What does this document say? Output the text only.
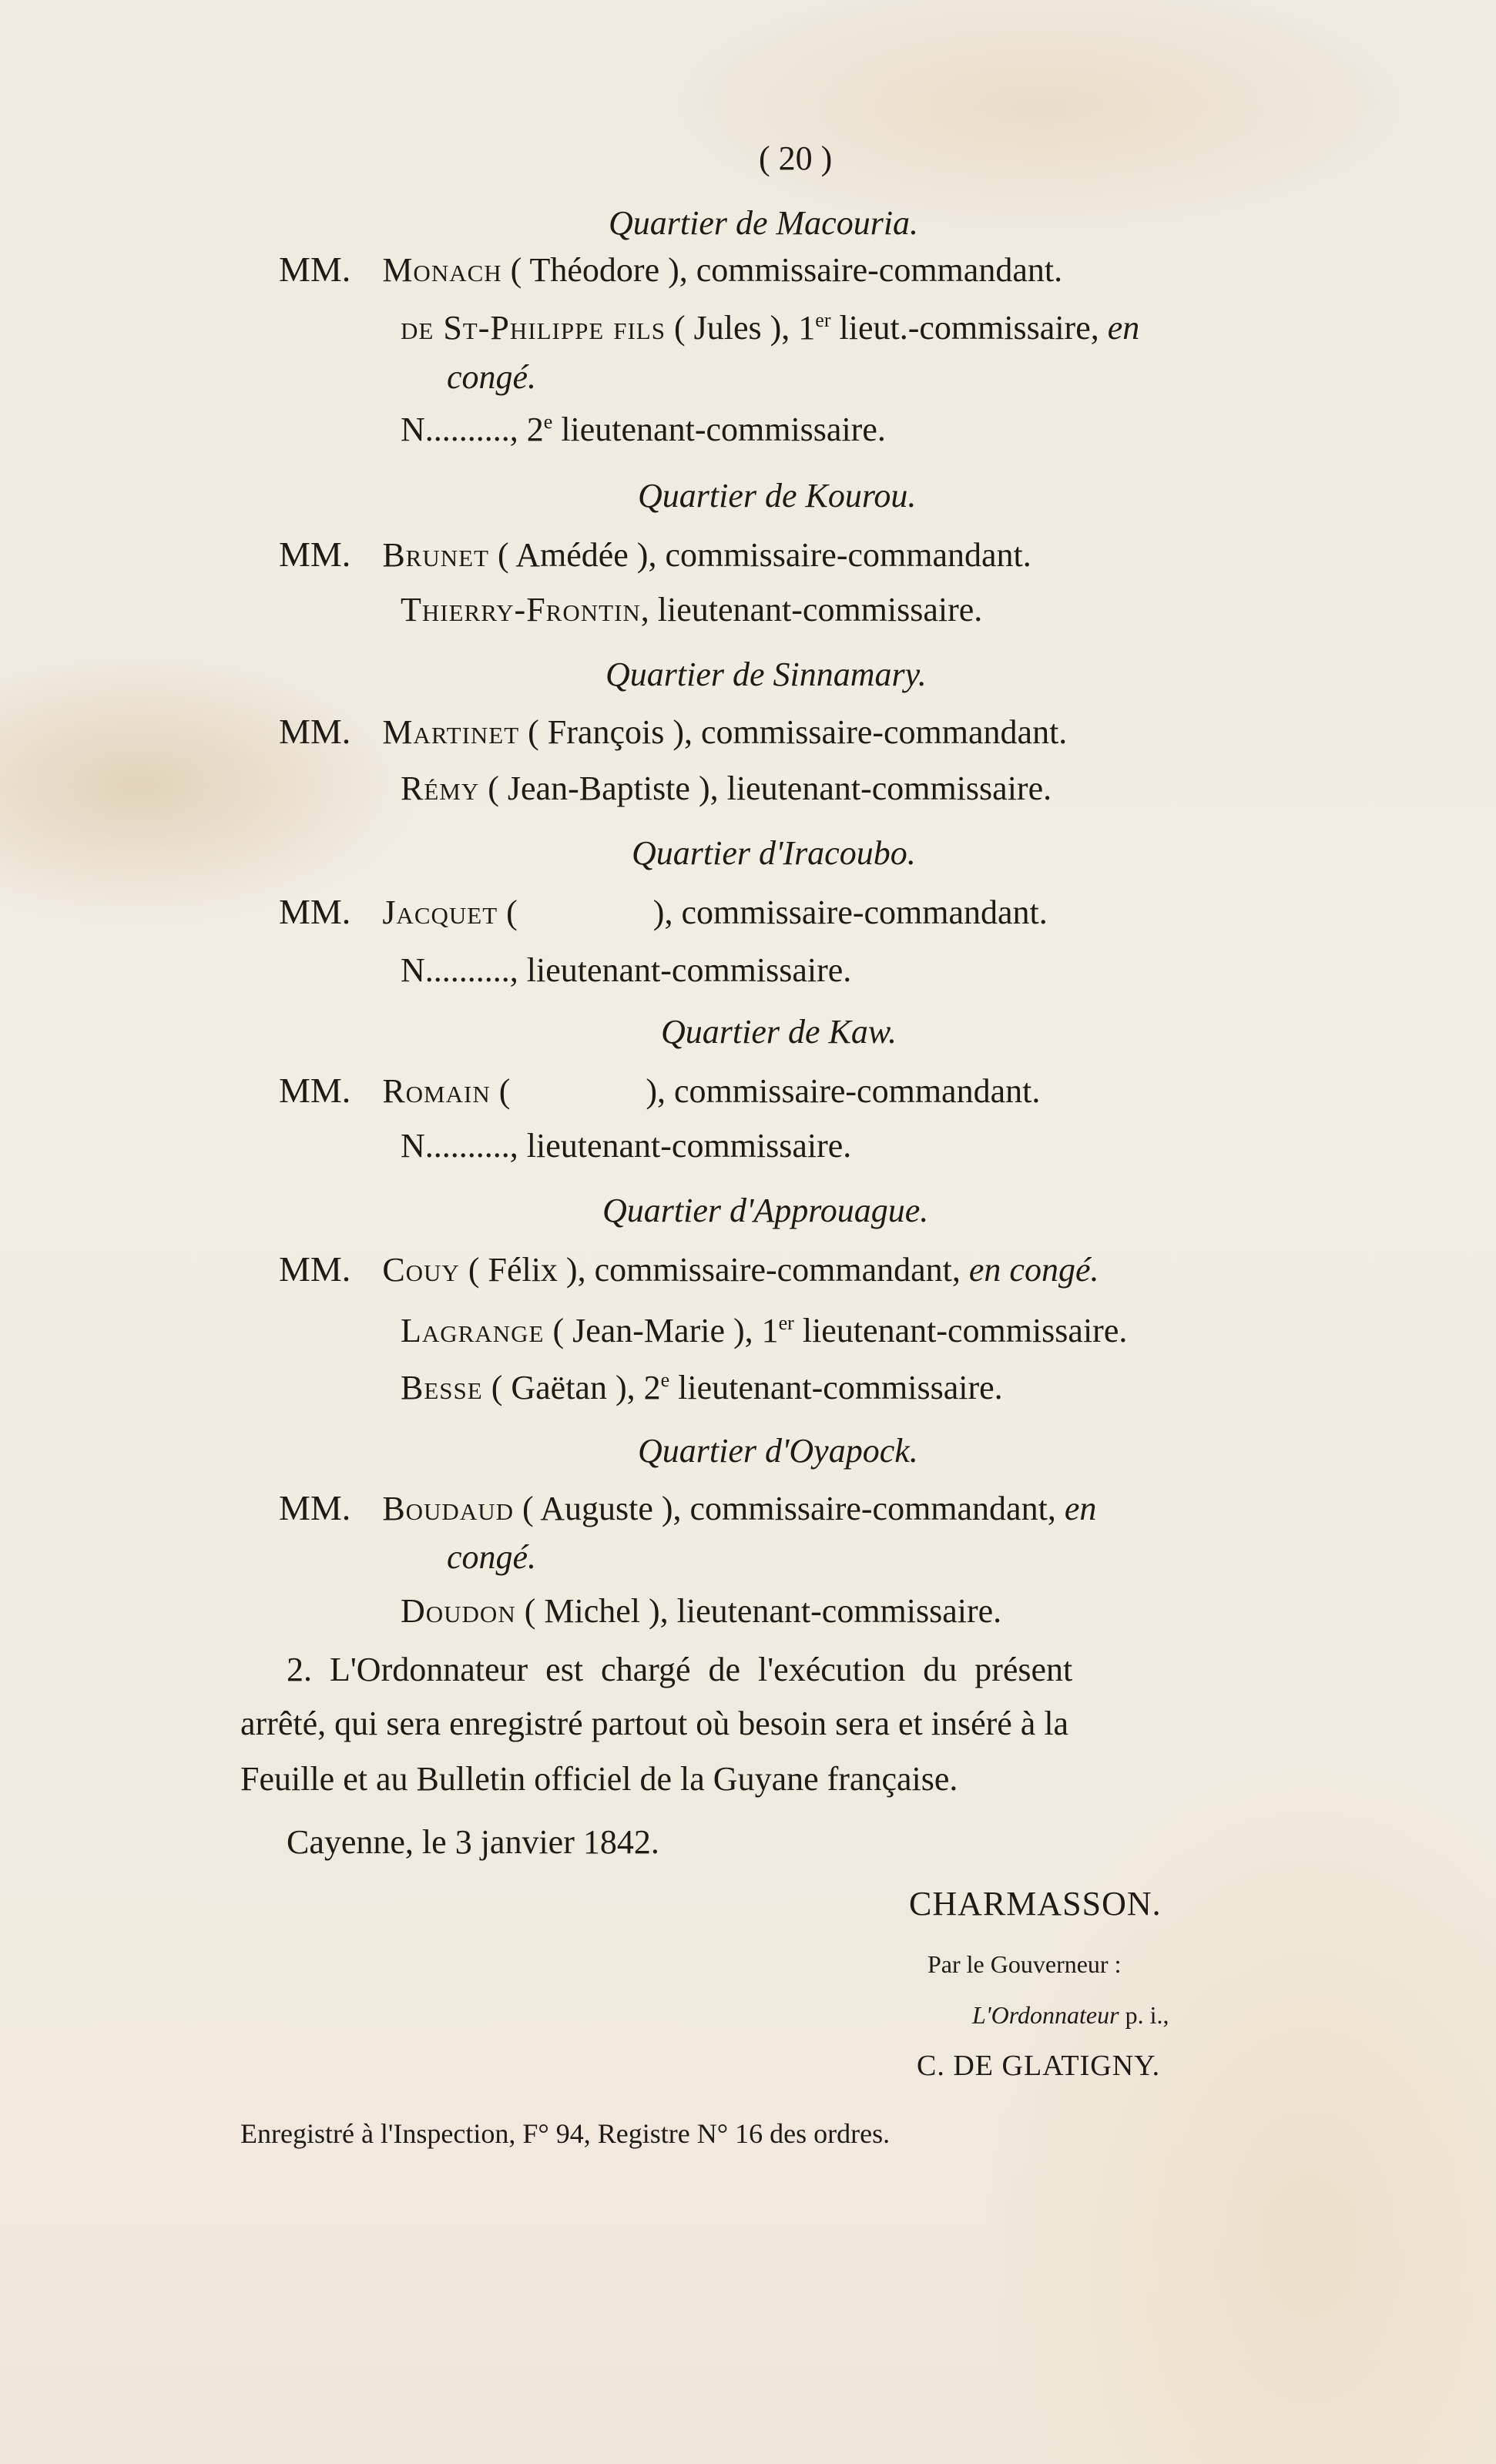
( 20 )
Quartier de Macouria.
MM. Monach ( Théodore ), commissaire-commandant.
de St-Philippe fils ( Jules ), 1er lieut.-commissaire, en
congé.
N.........., 2e lieutenant-commissaire.
Quartier de Kourou.
MM. Brunet ( Amédée ), commissaire-commandant.
Thierry-Frontin, lieutenant-commissaire.
Quartier de Sinnamary.
MM. Martinet ( François ), commissaire-commandant.
Rémy ( Jean-Baptiste ), lieutenant-commissaire.
Quartier d'Iracoubo.
MM. Jacquet (                ), commissaire-commandant.
N.........., lieutenant-commissaire.
Quartier de Kaw.
MM. Romain (                ), commissaire-commandant.
N.........., lieutenant-commissaire.
Quartier d'Approuague.
MM. Couy ( Félix ), commissaire-commandant, en congé.
Lagrange ( Jean-Marie ), 1er lieutenant-commissaire.
Besse ( Gaëtan ), 2e lieutenant-commissaire.
Quartier d'Oyapock.
MM. Boudaud ( Auguste ), commissaire-commandant, en
congé.
Doudon ( Michel ), lieutenant-commissaire.
2. L'Ordonnateur est chargé de l'exécution du présent
arrêté, qui sera enregistré partout où besoin sera et inséré à la
Feuille et au Bulletin officiel de la Guyane française.
Cayenne, le 3 janvier 1842.
CHARMASSON.
Par le Gouverneur :
L'Ordonnateur p. i.,
C. DE GLATIGNY.
Enregistré à l'Inspection, F° 94, Registre N° 16 des ordres.
